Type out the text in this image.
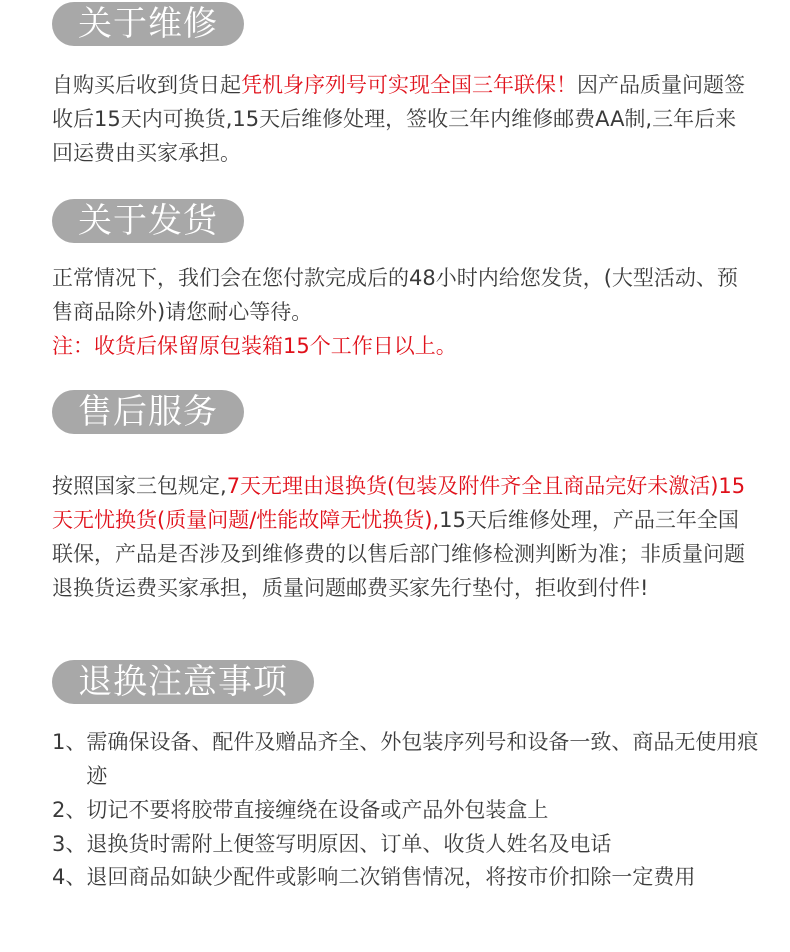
关于维修
自购买后收到货日起凭机身序列号可实现全国三年联保！因产品质量问题签收后15天内可换货,15天后维修处理，签收三年内维修邮费AA制,三年后来回运费由买家承担。
关于发货
正常情况下，我们会在您付款完成后的48小时内给您发货，(大型活动、预售商品除外)请您耐心等待。
注：收货后保留原包装箱15个工作日以上。
售后服务
按照国家三包规定,7天无理由退换货(包装及附件齐全且商品完好未激活)15天无忧换货(质量问题/性能故障无忧换货),15天后维修处理，产品三年全国联保，产品是否涉及到维修费的以售后部门维修检测判断为准；非质量问题退换货运费买家承担，质量问题邮费买家先行垫付，拒收到付件!
退换注意事项
1、 需确保设备、配件及赠品齐全、外包装序列号和设备一致、商品无使用痕迹
2、 切记不要将胶带直接缠绕在设备或产品外包装盒上
3、 退换货时需附上便签写明原因、订单、收货人姓名及电话
4、 退回商品如缺少配件或影响二次销售情况，将按市价扣除一定费用
